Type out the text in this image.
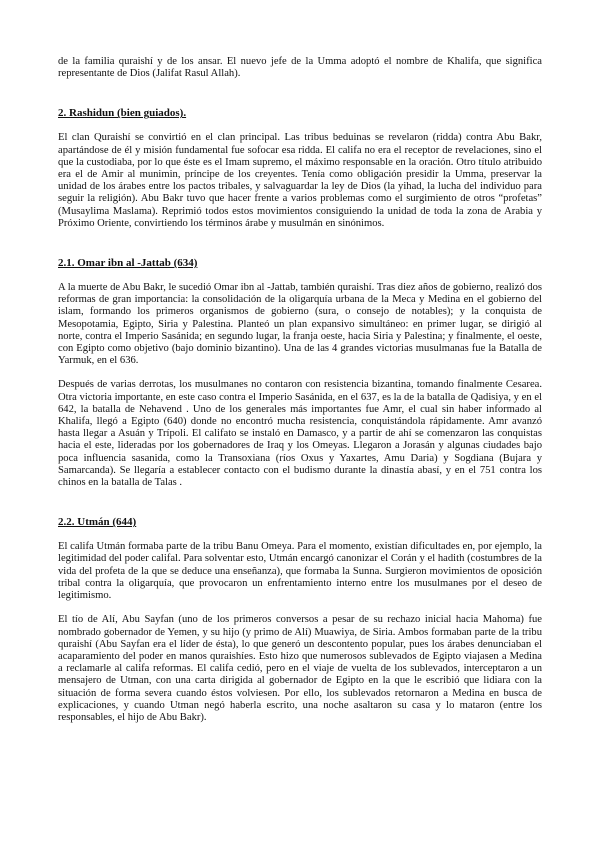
de la familia quraishí y de los ansar. El nuevo jefe de la Umma adoptó el nombre de Khalifa, que significa representante de Dios (Jalifat Rasul Allah).

2. Rashidun (bien guiados).

El clan Quraishí se convirtió en el clan principal. Las tribus beduinas se revelaron (ridda) contra Abu Bakr, apartándose de él y misión fundamental fue sofocar esa ridda. El califa no era el receptor de revelaciones, sino el que la custodiaba, por lo que éste es el Imam supremo, el máximo responsable en la oración. Otro título atribuido era el de Amir al munimin, príncipe de los creyentes. Tenía como obligación presidir la Umma, preservar la unidad de los árabes entre los pactos tribales, y salvaguardar la ley de Dios (la yihad, la lucha del individuo para seguir la religión). Abu Bakr tuvo que hacer frente a varios problemas como el surgimiento de otros “profetas” (Musaylima Maslama). Reprimió todos estos movimientos consiguiendo la unidad de toda la zona de Arabia y Próximo Oriente, convirtiendo los términos árabe y musulmán en sinónimos.

2.1. Omar ibn al -Jattab (634)

A la muerte de Abu Bakr, le sucedió Omar ibn al -Jattab, también quraishí. Tras diez años de gobierno, realizó dos reformas de gran importancia: la consolidación de la oligarquía urbana de la Meca y Medina en el gobierno del islam, formando los primeros organismos de gobierno (sura, o consejo de notables); y la conquista de Mesopotamia, Egipto, Siria y Palestina. Planteó un plan expansivo simultáneo: en primer lugar, se dirigió al norte, contra el Imperio Sasánida; en segundo lugar, la franja oeste, hacia Siria y Palestina; y finalmente, el oeste, con Egipto como objetivo (bajo dominio bizantino). Una de las 4 grandes victorias musulmanas fue la Batalla de Yarmuk, en el 636.

Después de varias derrotas, los musulmanes no contaron con resistencia bizantina, tomando finalmente Cesarea. Otra victoria importante, en este caso contra el Imperio Sasánida, en el 637, es la de la batalla de Qadisiya, y en el 642, la batalla de Nehavend . Uno de los generales más importantes fue Amr, el cual sin haber informado al Khalifa, llegó a Egipto (640) donde no encontró mucha resistencia, conquistándola rápidamente. Amr avanzó hasta llegar a Asuán y Trípoli. El califato se instaló en Damasco, y a partir de ahí se comenzaron las conquistas hacia el este, lideradas por los gobernadores de Iraq y los Omeyas. Llegaron a Jorasán y algunas ciudades bajo poca influencia sasanida, como la Transoxiana (ríos Oxus y Yaxartes, Amu Daria) y Sogdiana (Bujara y Samarcanda). Se llegaría a establecer contacto con el budismo durante la dinastía abasí, y en el 751 contra los chinos en la batalla de Talas .

2.2. Utmán (644)

El califa Utmán formaba parte de la tribu Banu Omeya. Para el momento, existían dificultades en, por ejemplo, la legitimidad del poder califal. Para solventar esto, Utmán encargó canonizar el Corán y el hadith (costumbres de la vida del profeta de la que se deduce una enseñanza), que formaba la Sunna. Surgieron movimientos de oposición tribal contra la oligarquía, que provocaron un enfrentamiento interno entre los musulmanes por el deseo de legitimismo.

El tío de Alí, Abu Sayfan (uno de los primeros conversos a pesar de su rechazo inicial hacia Mahoma) fue nombrado gobernador de Yemen, y su hijo (y primo de Alí) Muawiya, de Siria. Ambos formaban parte de la tribu quraishí (Abu Sayfan era el líder de ésta), lo que generó un descontento popular, pues los árabes denunciaban el acaparamiento del poder en manos quraishíes. Esto hizo que numerosos sublevados de Egipto viajasen a Medina a reclamarle al califa reformas. El califa cedió, pero en el viaje de vuelta de los sublevados, interceptaron a un mensajero de Utman, con una carta dirigida al gobernador de Egipto en la que le escribió que lidiara con la situación de forma severa cuando éstos volviesen. Por ello, los sublevados retornaron a Medina en busca de explicaciones, y cuando Utman negó haberla escrito, una noche asaltaron su casa y lo mataron (entre los responsables, el hijo de Abu Bakr).
